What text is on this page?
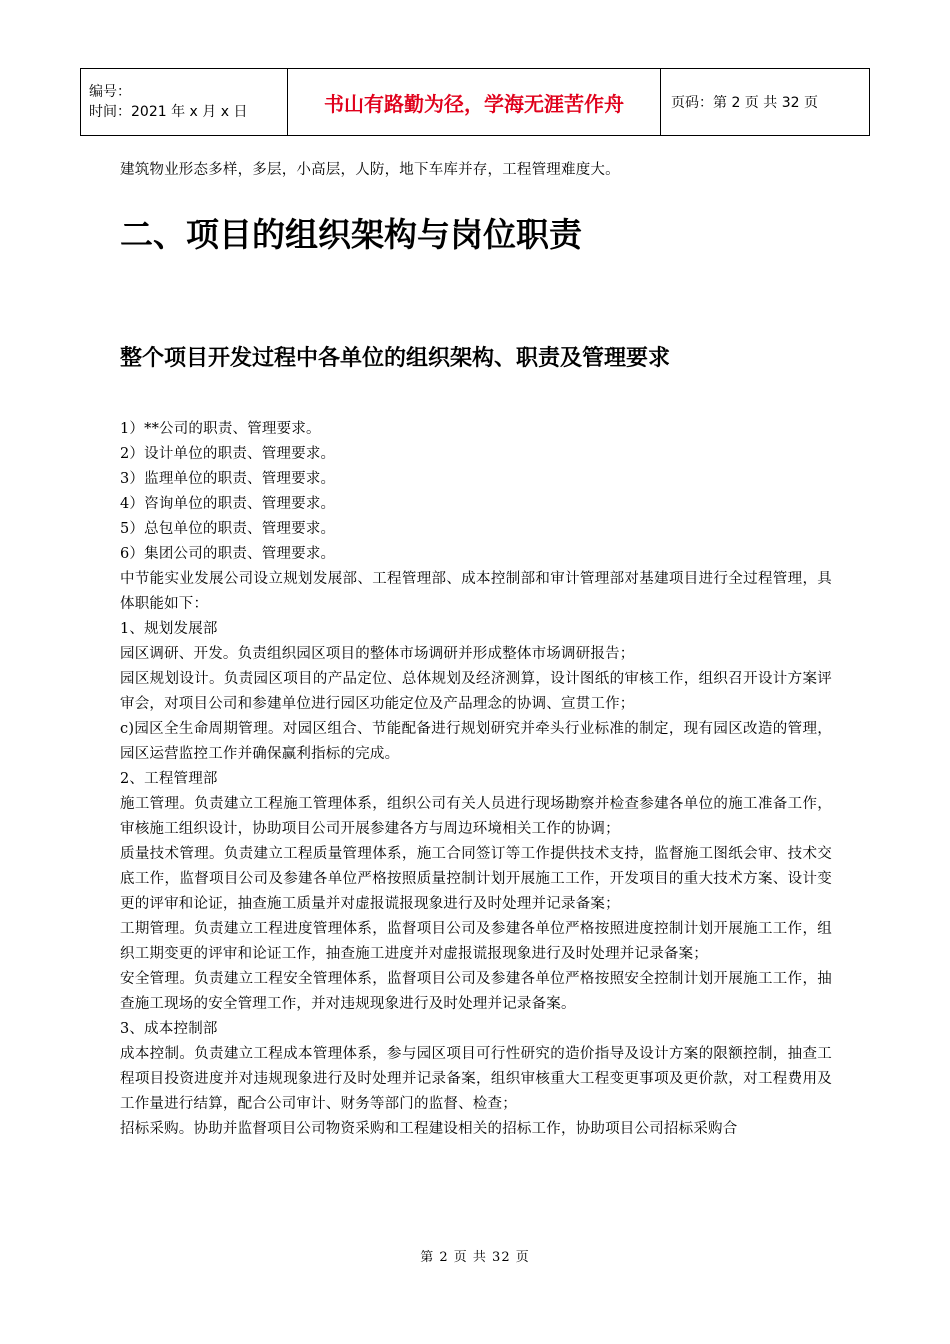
编号：
时间：2021 年 x 月 x 日	书山有路勤为径，学海无涯苦作舟	页码：第 2 页 共 32 页

建筑物业形态多样，多层，小高层，人防，地下车库并存，工程管理难度大。

二、项目的组织架构与岗位职责
整个项目开发过程中各单位的组织架构、职责及管理要求

1）**公司的职责、管理要求。

2）设计单位的职责、管理要求。

3）监理单位的职责、管理要求。

4）咨询单位的职责、管理要求。

5）总包单位的职责、管理要求。

6）集团公司的职责、管理要求。

中节能实业发展公司设立规划发展部、工程管理部、成本控制部和审计管理部对基建项目进行全过程管理，具体职能如下：

1、规划发展部

园区调研、开发。负责组织园区项目的整体市场调研并形成整体市场调研报告；

园区规划设计。负责园区项目的产品定位、总体规划及经济测算，设计图纸的审核工作，组织召开设计方案评审会，对项目公司和参建单位进行园区功能定位及产品理念的协调、宣贯工作；

c)园区全生命周期管理。对园区组合、节能配备进行规划研究并牵头行业标准的制定，现有园区改造的管理，园区运营监控工作并确保赢利指标的完成。

2、工程管理部

施工管理。负责建立工程施工管理体系，组织公司有关人员进行现场勘察并检查参建各单位的施工准备工作，审核施工组织设计，协助项目公司开展参建各方与周边环境相关工作的协调；

质量技术管理。负责建立工程质量管理体系，施工合同签订等工作提供技术支持，监督施工图纸会审、技术交底工作，监督项目公司及参建各单位严格按照质量控制计划开展施工工作，开发项目的重大技术方案、设计变更的评审和论证，抽查施工质量并对虚报谎报现象进行及时处理并记录备案；

工期管理。负责建立工程进度管理体系，监督项目公司及参建各单位严格按照进度控制计划开展施工工作，组织工期变更的评审和论证工作，抽查施工进度并对虚报谎报现象进行及时处理并记录备案；

安全管理。负责建立工程安全管理体系，监督项目公司及参建各单位严格按照安全控制计划开展施工工作，抽查施工现场的安全管理工作，并对违规现象进行及时处理并记录备案。

3、成本控制部

成本控制。负责建立工程成本管理体系，参与园区项目可行性研究的造价指导及设计方案的限额控制，抽查工程项目投资进度并对违规现象进行及时处理并记录备案，组织审核重大工程变更事项及更价款，对工程费用及工作量进行结算，配合公司审计、财务等部门的监督、检查；

招标采购。协助并监督项目公司物资采购和工程建设相关的招标工作，协助项目公司招标采购合

第 2 页 共 32 页
